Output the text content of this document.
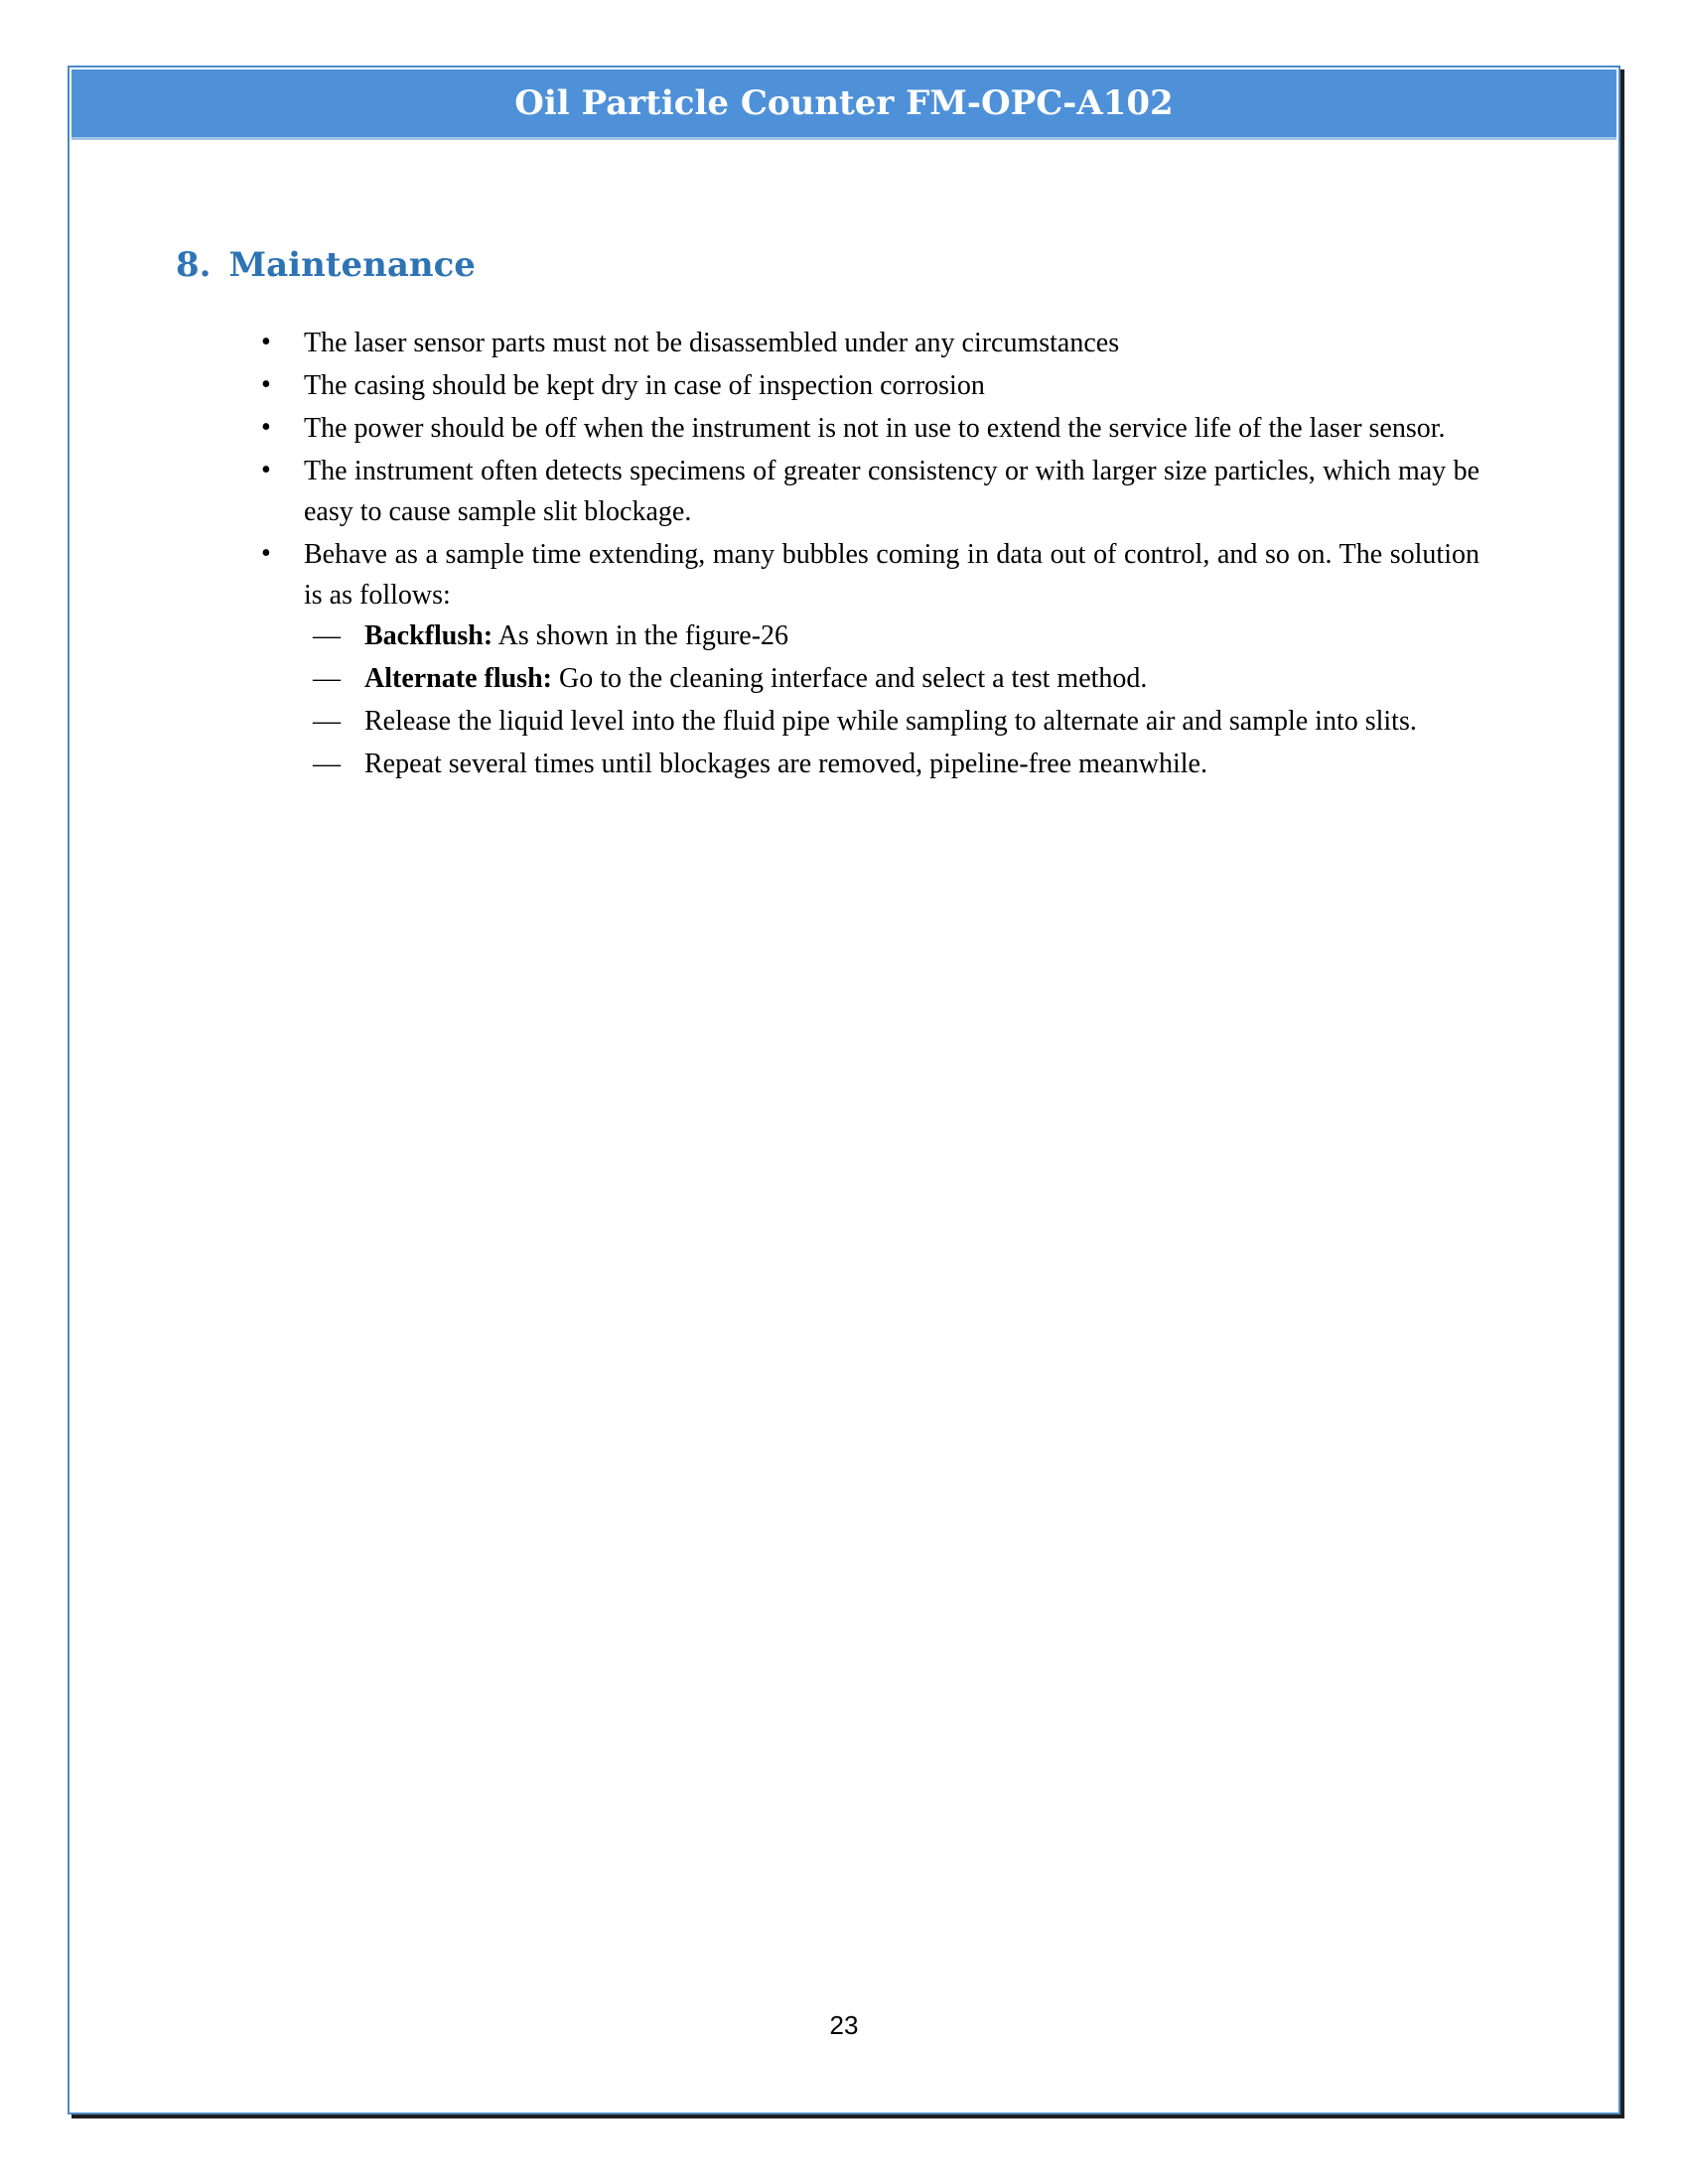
Oil Particle Counter FM-OPC-A102
8. Maintenance
• The laser sensor parts must not be disassembled under any circumstances
• The casing should be kept dry in case of inspection corrosion
• The power should be off when the instrument is not in use to extend the service life of the laser sensor.
• The instrument often detects specimens of greater consistency or with larger size particles, which may be easy to cause sample slit blockage.
• Behave as a sample time extending, many bubbles coming in data out of control, and so on. The solution is as follows:
— Backflush: As shown in the figure-26
— Alternate flush: Go to the cleaning interface and select a test method.
— Release the liquid level into the fluid pipe while sampling to alternate air and sample into slits.
— Repeat several times until blockages are removed, pipeline-free meanwhile.
23
